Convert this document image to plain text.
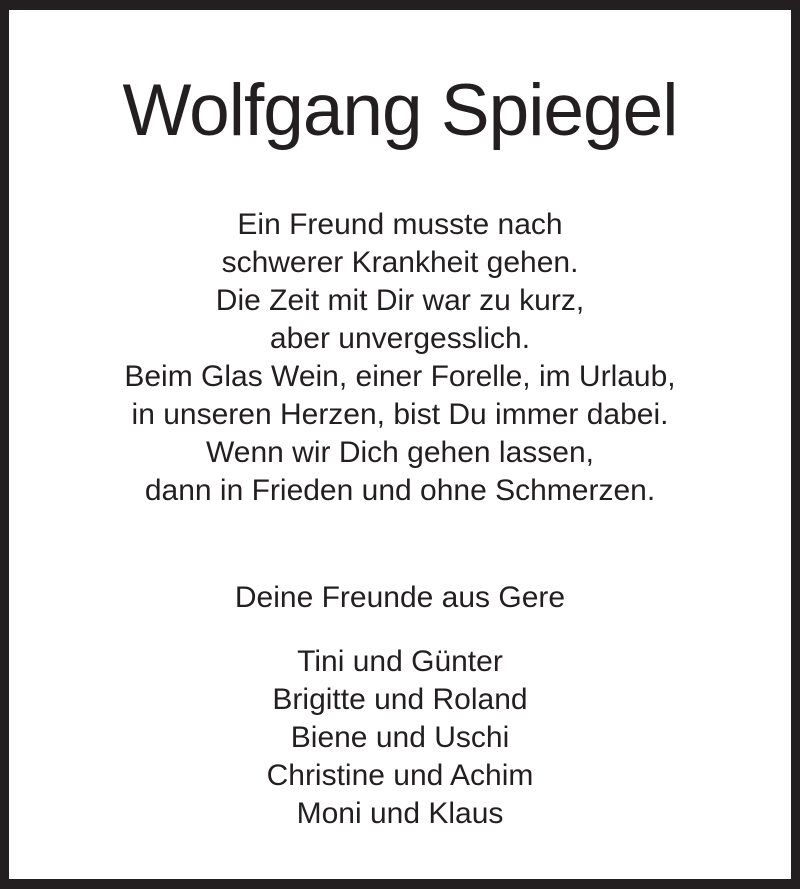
Wolfgang Spiegel
Ein Freund musste nach
schwerer Krankheit gehen.
Die Zeit mit Dir war zu kurz,
aber unvergesslich.
Beim Glas Wein, einer Forelle, im Urlaub,
in unseren Herzen, bist Du immer dabei.
Wenn wir Dich gehen lassen,
dann in Frieden und ohne Schmerzen.
Deine Freunde aus Gere
Tini und Günter
Brigitte und Roland
Biene und Uschi
Christine und Achim
Moni und Klaus
